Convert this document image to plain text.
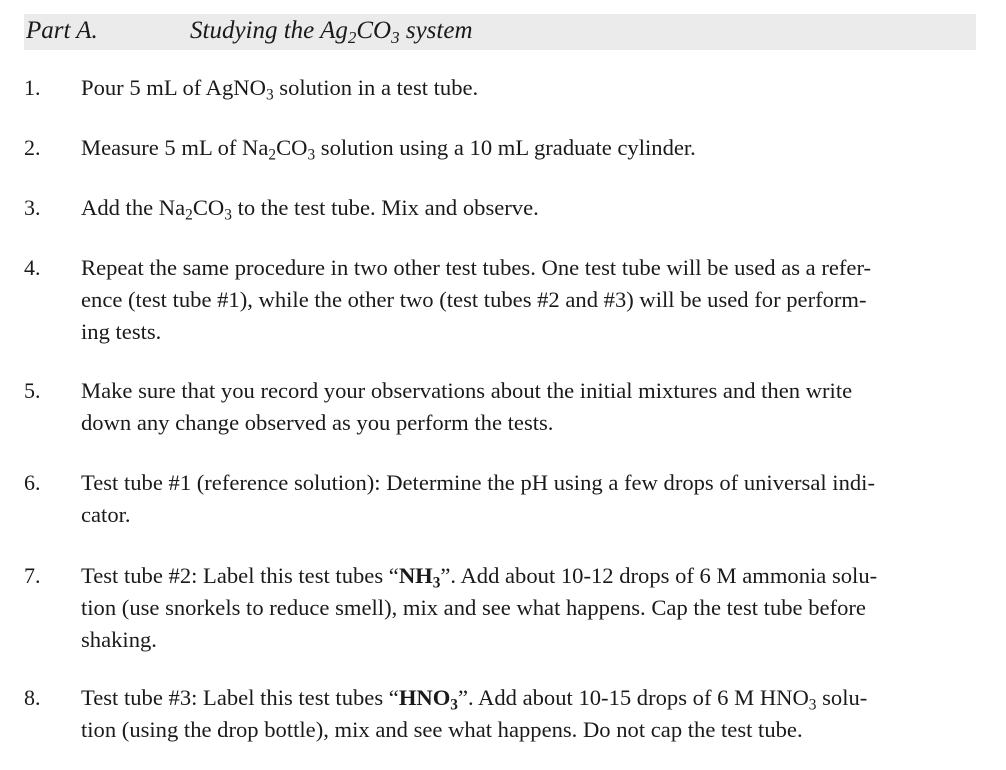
Part A.	Studying the $Ag_2CO_3$ system
1. Pour 5 mL of AgNO$_3$ solution in a test tube.
2. Measure 5 mL of $Na_2CO_3$ solution using a 10 mL graduate cylinder.
3. Add the $Na_2CO_3$ to the test tube. Mix and observe.
4. Repeat the same procedure in two other test tubes. One test tube will be used as a refer-
ence (test tube #1), while the other two (test tubes #2 and #3) will be used for perform-
ing tests.
5. Make sure that you record your observations about the initial mixtures and then write
down any change observed as you perform the tests.
6. Test tube #1 (reference solution): Determine the pH using a few drops of universal indi-
cator.
7. Test tube #2: Label this test tubes “$NH_3$”. Add about 10-12 drops of 6 M ammonia solu-
tion (use snorkels to reduce smell), mix and see what happens. Cap the test tube before
shaking.
8. Test tube #3: Label this test tubes “$HNO_3$”. Add about 10-15 drops of 6 M $HNO_3$ solu-
tion (using the drop bottle), mix and see what happens. Do not cap the test tube.
